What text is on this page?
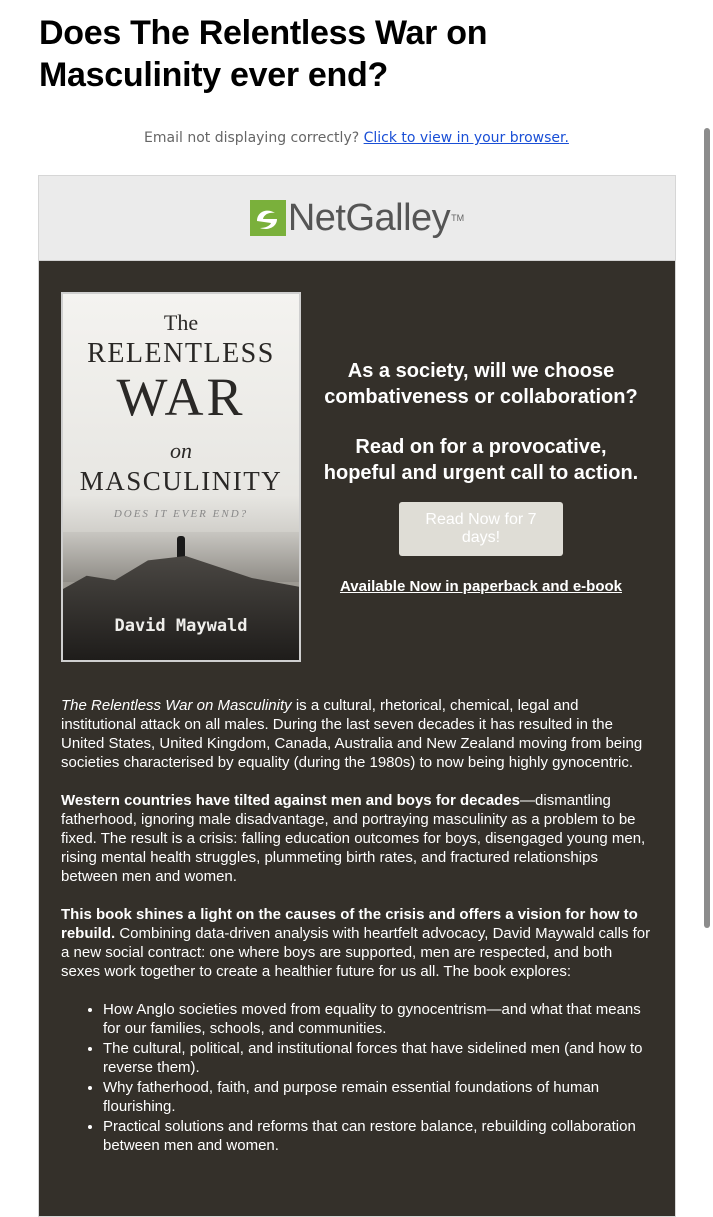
Does The Relentless War on Masculinity ever end?
Email not displaying correctly? Click to view in your browser.
NetGalley TM
The
RELENTLESS
WAR
on
MASCULINITY
DOES IT EVER END?
David Maywald
As a society, will we choose
combativeness or collaboration?
Read on for a provocative,
hopeful and urgent call to action.
Read Now for 7 days!
Available Now in paperback and e-book

The Relentless War on Masculinity is a cultural, rhetorical, chemical, legal and institutional attack on all males. During the last seven decades it has resulted in the United States, United Kingdom, Canada, Australia and New Zealand moving from being societies characterised by equality (during the 1980s) to now being highly gynocentric.

Western countries have tilted against men and boys for decades—dismantling fatherhood, ignoring male disadvantage, and portraying masculinity as a problem to be fixed. The result is a crisis: falling education outcomes for boys, disengaged young men, rising mental health struggles, plummeting birth rates, and fractured relationships between men and women.

This book shines a light on the causes of the crisis and offers a vision for how to rebuild. Combining data-driven analysis with heartfelt advocacy, David Maywald calls for a new social contract: one where boys are supported, men are respected, and both sexes work together to create a healthier future for us all. The book explores:

• How Anglo societies moved from equality to gynocentrism—and what that means for our families, schools, and communities.
• The cultural, political, and institutional forces that have sidelined men (and how to reverse them).
• Why fatherhood, faith, and purpose remain essential foundations of human flourishing.
• Practical solutions and reforms that can restore balance, rebuilding collaboration between men and women.
